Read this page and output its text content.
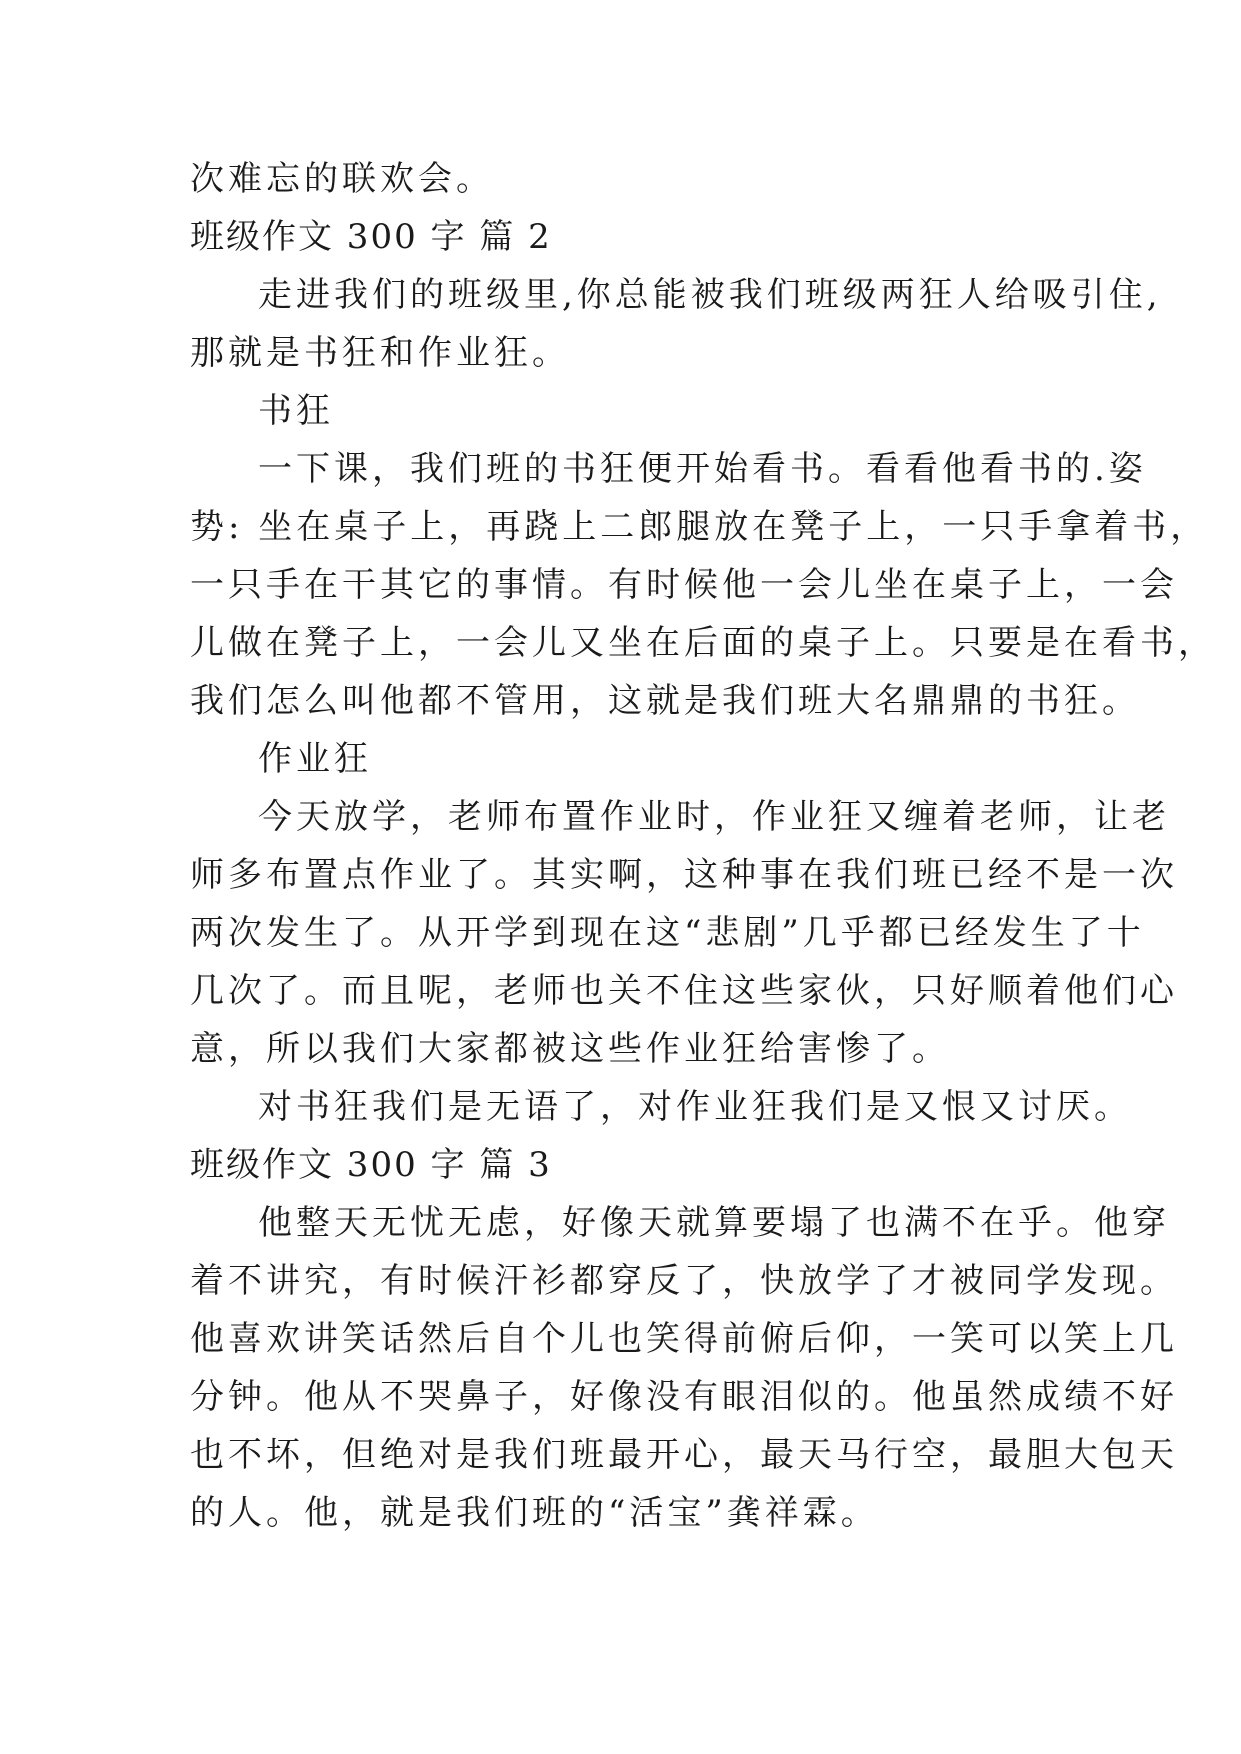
次难忘的联欢会。
班级作文 300 字 篇 2
走进我们的班级里,你总能被我们班级两狂人给吸引住,
那就是书狂和作业狂。
书狂
一下课，我们班的书狂便开始看书。看看他看书的.姿
势: 坐在桌子上，再跷上二郎腿放在凳子上，一只手拿着书，
一只手在干其它的事情。有时候他一会儿坐在桌子上，一会
儿做在凳子上，一会儿又坐在后面的桌子上。只要是在看书，
我们怎么叫他都不管用，这就是我们班大名鼎鼎的书狂。
作业狂
今天放学，老师布置作业时，作业狂又缠着老师，让老
师多布置点作业了。其实啊，这种事在我们班已经不是一次
两次发生了。从开学到现在这“悲剧”几乎都已经发生了十
几次了。而且呢，老师也关不住这些家伙，只好顺着他们心
意，所以我们大家都被这些作业狂给害惨了。
对书狂我们是无语了，对作业狂我们是又恨又讨厌。
班级作文 300 字 篇 3
他整天无忧无虑，好像天就算要塌了也满不在乎。他穿
着不讲究，有时候汗衫都穿反了，快放学了才被同学发现。
他喜欢讲笑话然后自个儿也笑得前俯后仰，一笑可以笑上几
分钟。他从不哭鼻子，好像没有眼泪似的。他虽然成绩不好
也不坏，但绝对是我们班最开心，最天马行空，最胆大包天
的人。他，就是我们班的“活宝”龚祥霖。
